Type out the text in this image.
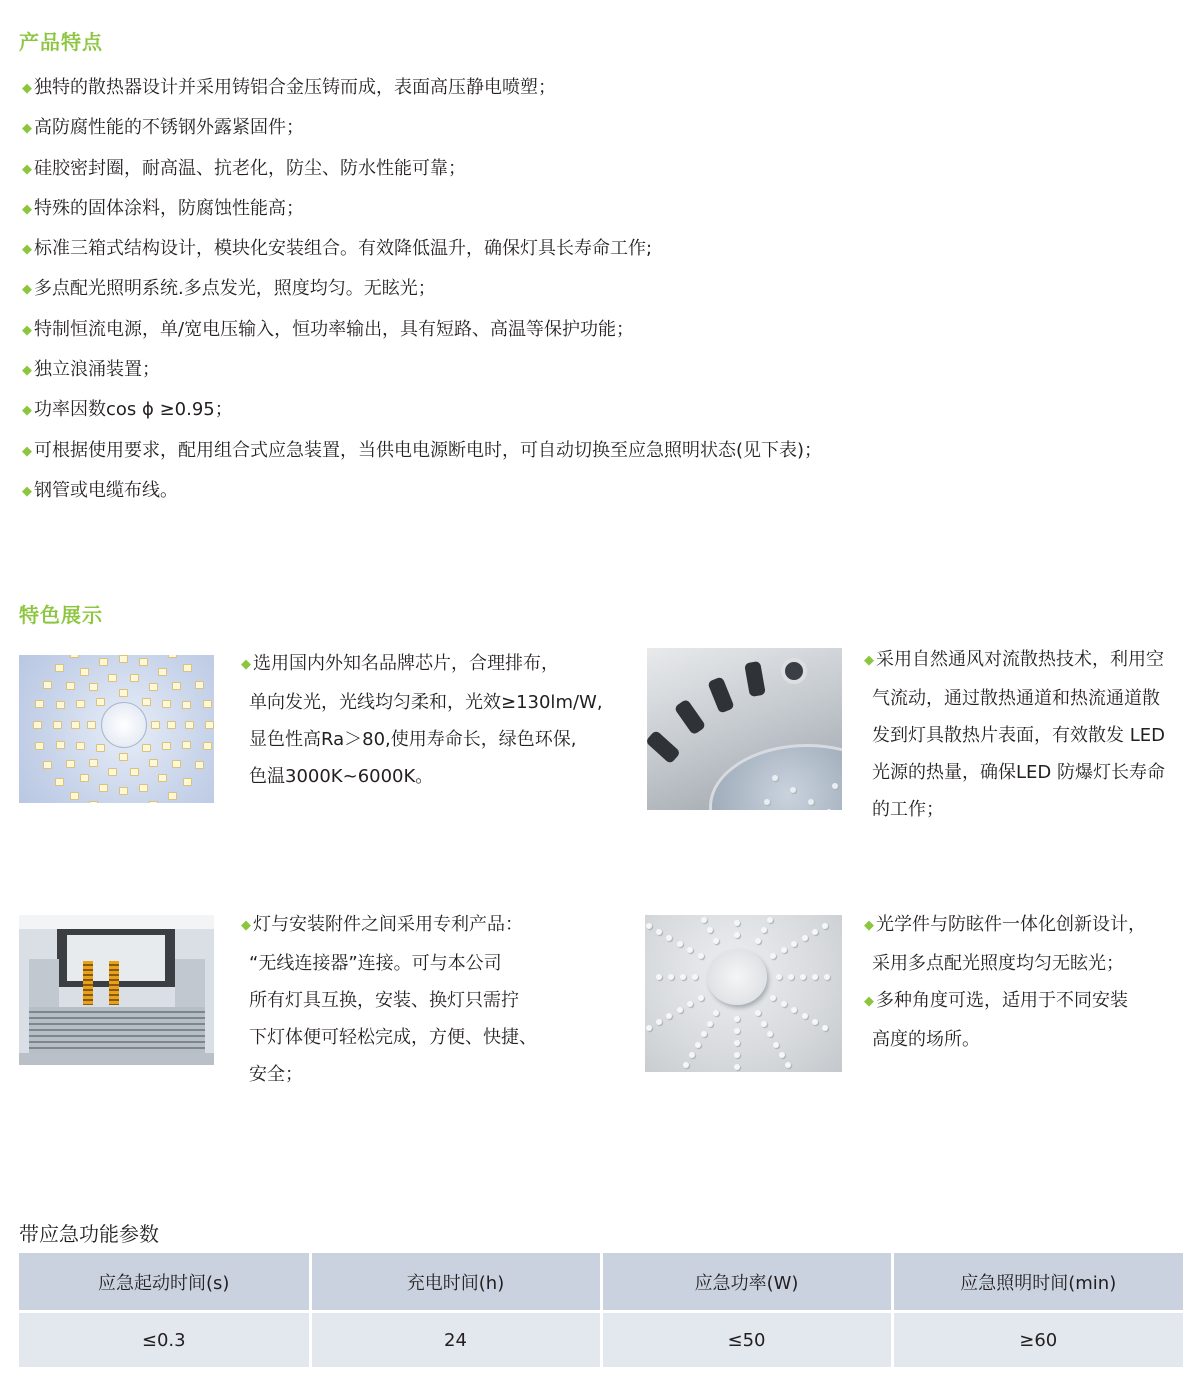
产品特点
◆ 独特的散热器设计并采用铸铝合金压铸而成，表面高压静电喷塑；
◆ 高防腐性能的不锈钢外露紧固件；
◆ 硅胶密封圈，耐高温、抗老化，防尘、防水性能可靠；
◆ 特殊的固体涂料，防腐蚀性能高；
◆ 标准三箱式结构设计，模块化安装组合。有效降低温升，确保灯具长寿命工作;
◆ 多点配光照明系统.多点发光，照度均匀。无眩光；
◆ 特制恒流电源，单/宽电压输入，恒功率输出，具有短路、高温等保护功能；
◆ 独立浪涌装置；
◆ 功率因数cos ϕ ≥0.95；
◆ 可根据使用要求，配用组合式应急装置，当供电电源断电时，可自动切换至应急照明状态(见下表)；
◆ 钢管或电缆布线。
特色展示
◆ 选用国内外知名品牌芯片，合理排布，
单向发光，光线均匀柔和，光效≥130lm/W,
显色性高Ra＞80,使用寿命长，绿色环保,
色温3000K~6000K。
◆ 采用自然通风对流散热技术，利用空
气流动，通过散热通道和热流通道散
发到灯具散热片表面，有效散发 LED
光源的热量，确保LED 防爆灯长寿命
的工作；
◆ 灯与安装附件之间采用专利产品：
“无线连接器”连接。可与本公司
所有灯具互换，安装、换灯只需拧
下灯体便可轻松完成，方便、快捷、
安全；
◆ 光学件与防眩件一体化创新设计，
采用多点配光照度均匀无眩光；
◆ 多种角度可选，适用于不同安装
高度的场所。
带应急功能参数
应急起动时间(s)	充电时间(h)	应急功率(W)	应急照明时间(min)
≤0.3	24	≤50	≥60
